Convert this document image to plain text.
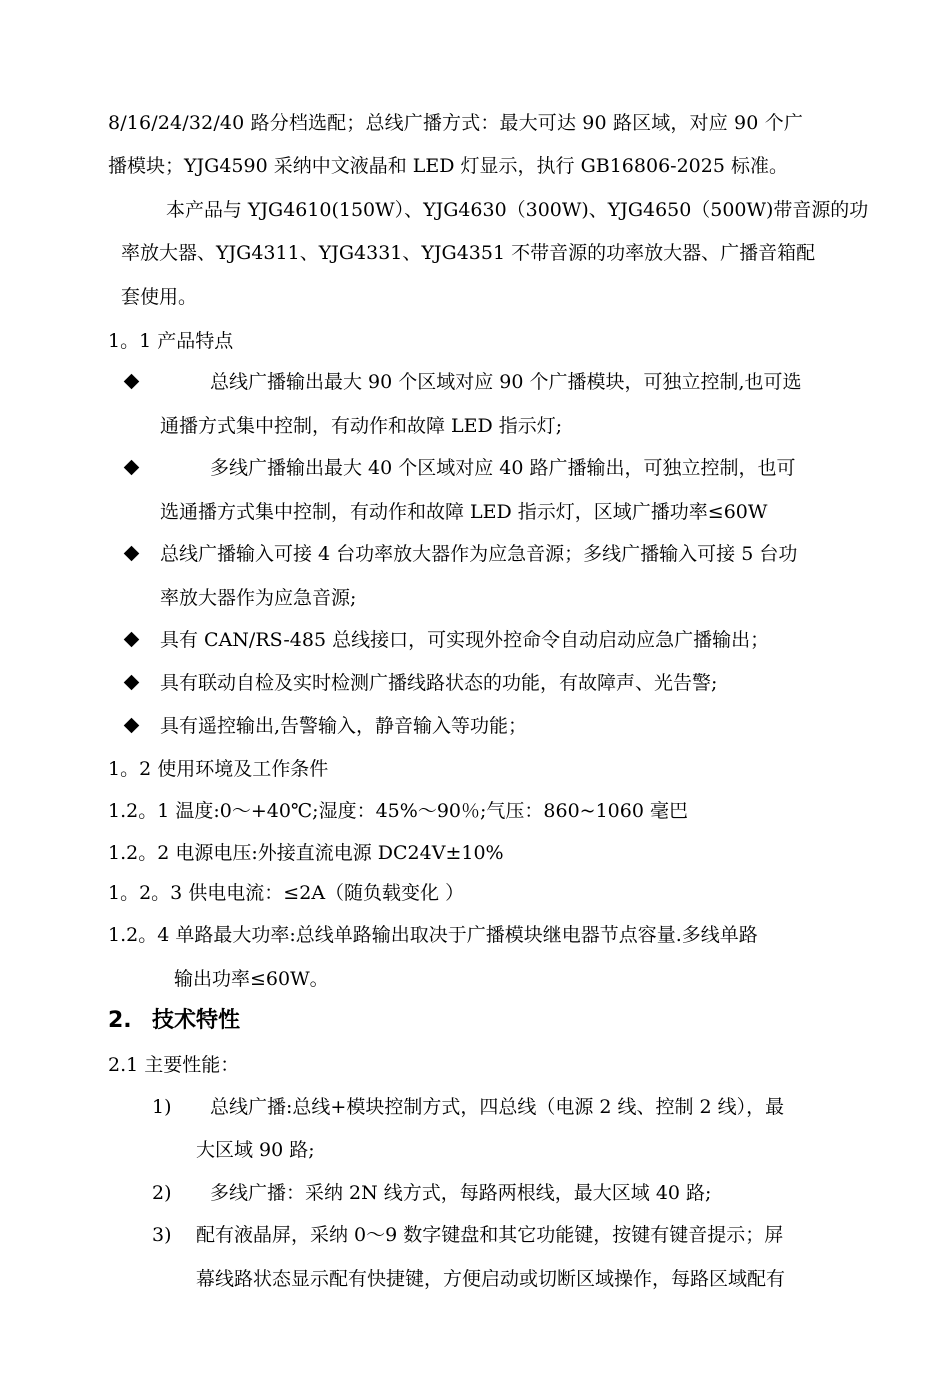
8/16/24/32/40 路分档选配；总线广播方式：最大可达 90 路区域，对应 90 个广
播模块；YJG4590 采纳中文液晶和 LED 灯显示，执行 GB16806-2025 标准。
本产品与 YJG4610(150W）、YJG4630（300W)、YJG4650（500W)带音源的功
率放大器、YJG4311、YJG4331、YJG4351 不带音源的功率放大器、广播音箱配
套使用。
1。1 产品特点
总线广播输出最大 90 个区域对应 90 个广播模块，可独立控制,也可选
通播方式集中控制，有动作和故障 LED 指示灯;
多线广播输出最大 40 个区域对应 40 路广播输出，可独立控制，也可
选通播方式集中控制，有动作和故障 LED 指示灯，区域广播功率≤60W
总线广播输入可接 4 台功率放大器作为应急音源；多线广播输入可接 5 台功
率放大器作为应急音源;
具有 CAN/RS-485 总线接口，可实现外控命令自动启动应急广播输出；
具有联动自检及实时检测广播线路状态的功能，有故障声、光告警;
具有遥控输出,告警输入，静音输入等功能；
1。2 使用环境及工作条件
1.2。1 温度:0～+40℃;湿度：45%～90％;气压：860~1060 毫巴
1.2。2 电源电压:外接直流电源 DC24V±10%
1。2。3 供电电流：≤2A（随负载变化 ）
1.2。4 单路最大功率:总线单路输出取决于广播模块继电器节点容量.多线单路
输出功率≤60W。
2. 技术特性
2.1 主要性能：
1) 总线广播:总线+模块控制方式，四总线（电源 2 线、控制 2 线），最
大区域 90 路;
2) 多线广播：采纳 2N 线方式，每路两根线，最大区域 40 路;
3) 配有液晶屏，采纳 0～9 数字键盘和其它功能键，按键有键音提示；屏
幕线路状态显示配有快捷键，方便启动或切断区域操作，每路区域配有
